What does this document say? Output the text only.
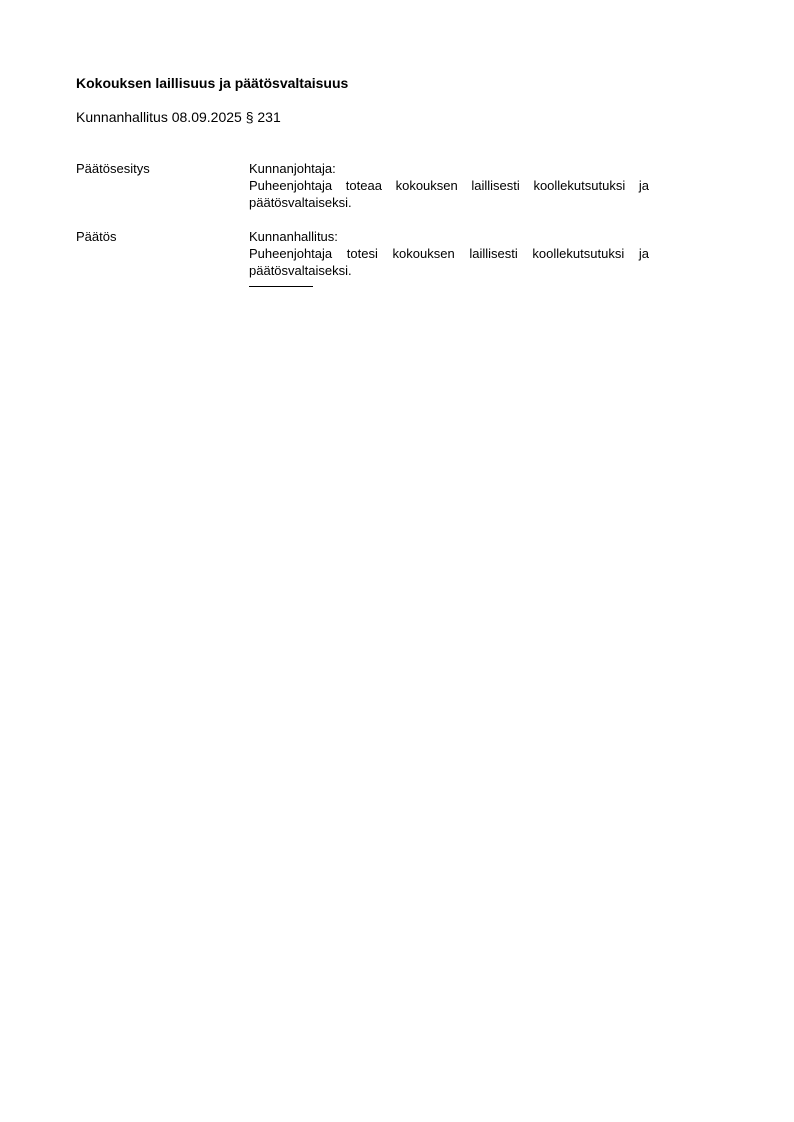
Kokouksen laillisuus ja päätösvaltaisuus
Kunnanhallitus 08.09.2025 § 231
Päätösesitys	Kunnanjohtaja:
Puheenjohtaja toteaa kokouksen laillisesti koollekutsutuksi ja päätösvaltaiseksi.
Päätös	Kunnanhallitus:
Puheenjohtaja totesi kokouksen laillisesti koollekutsutuksi ja päätösvaltaiseksi.
